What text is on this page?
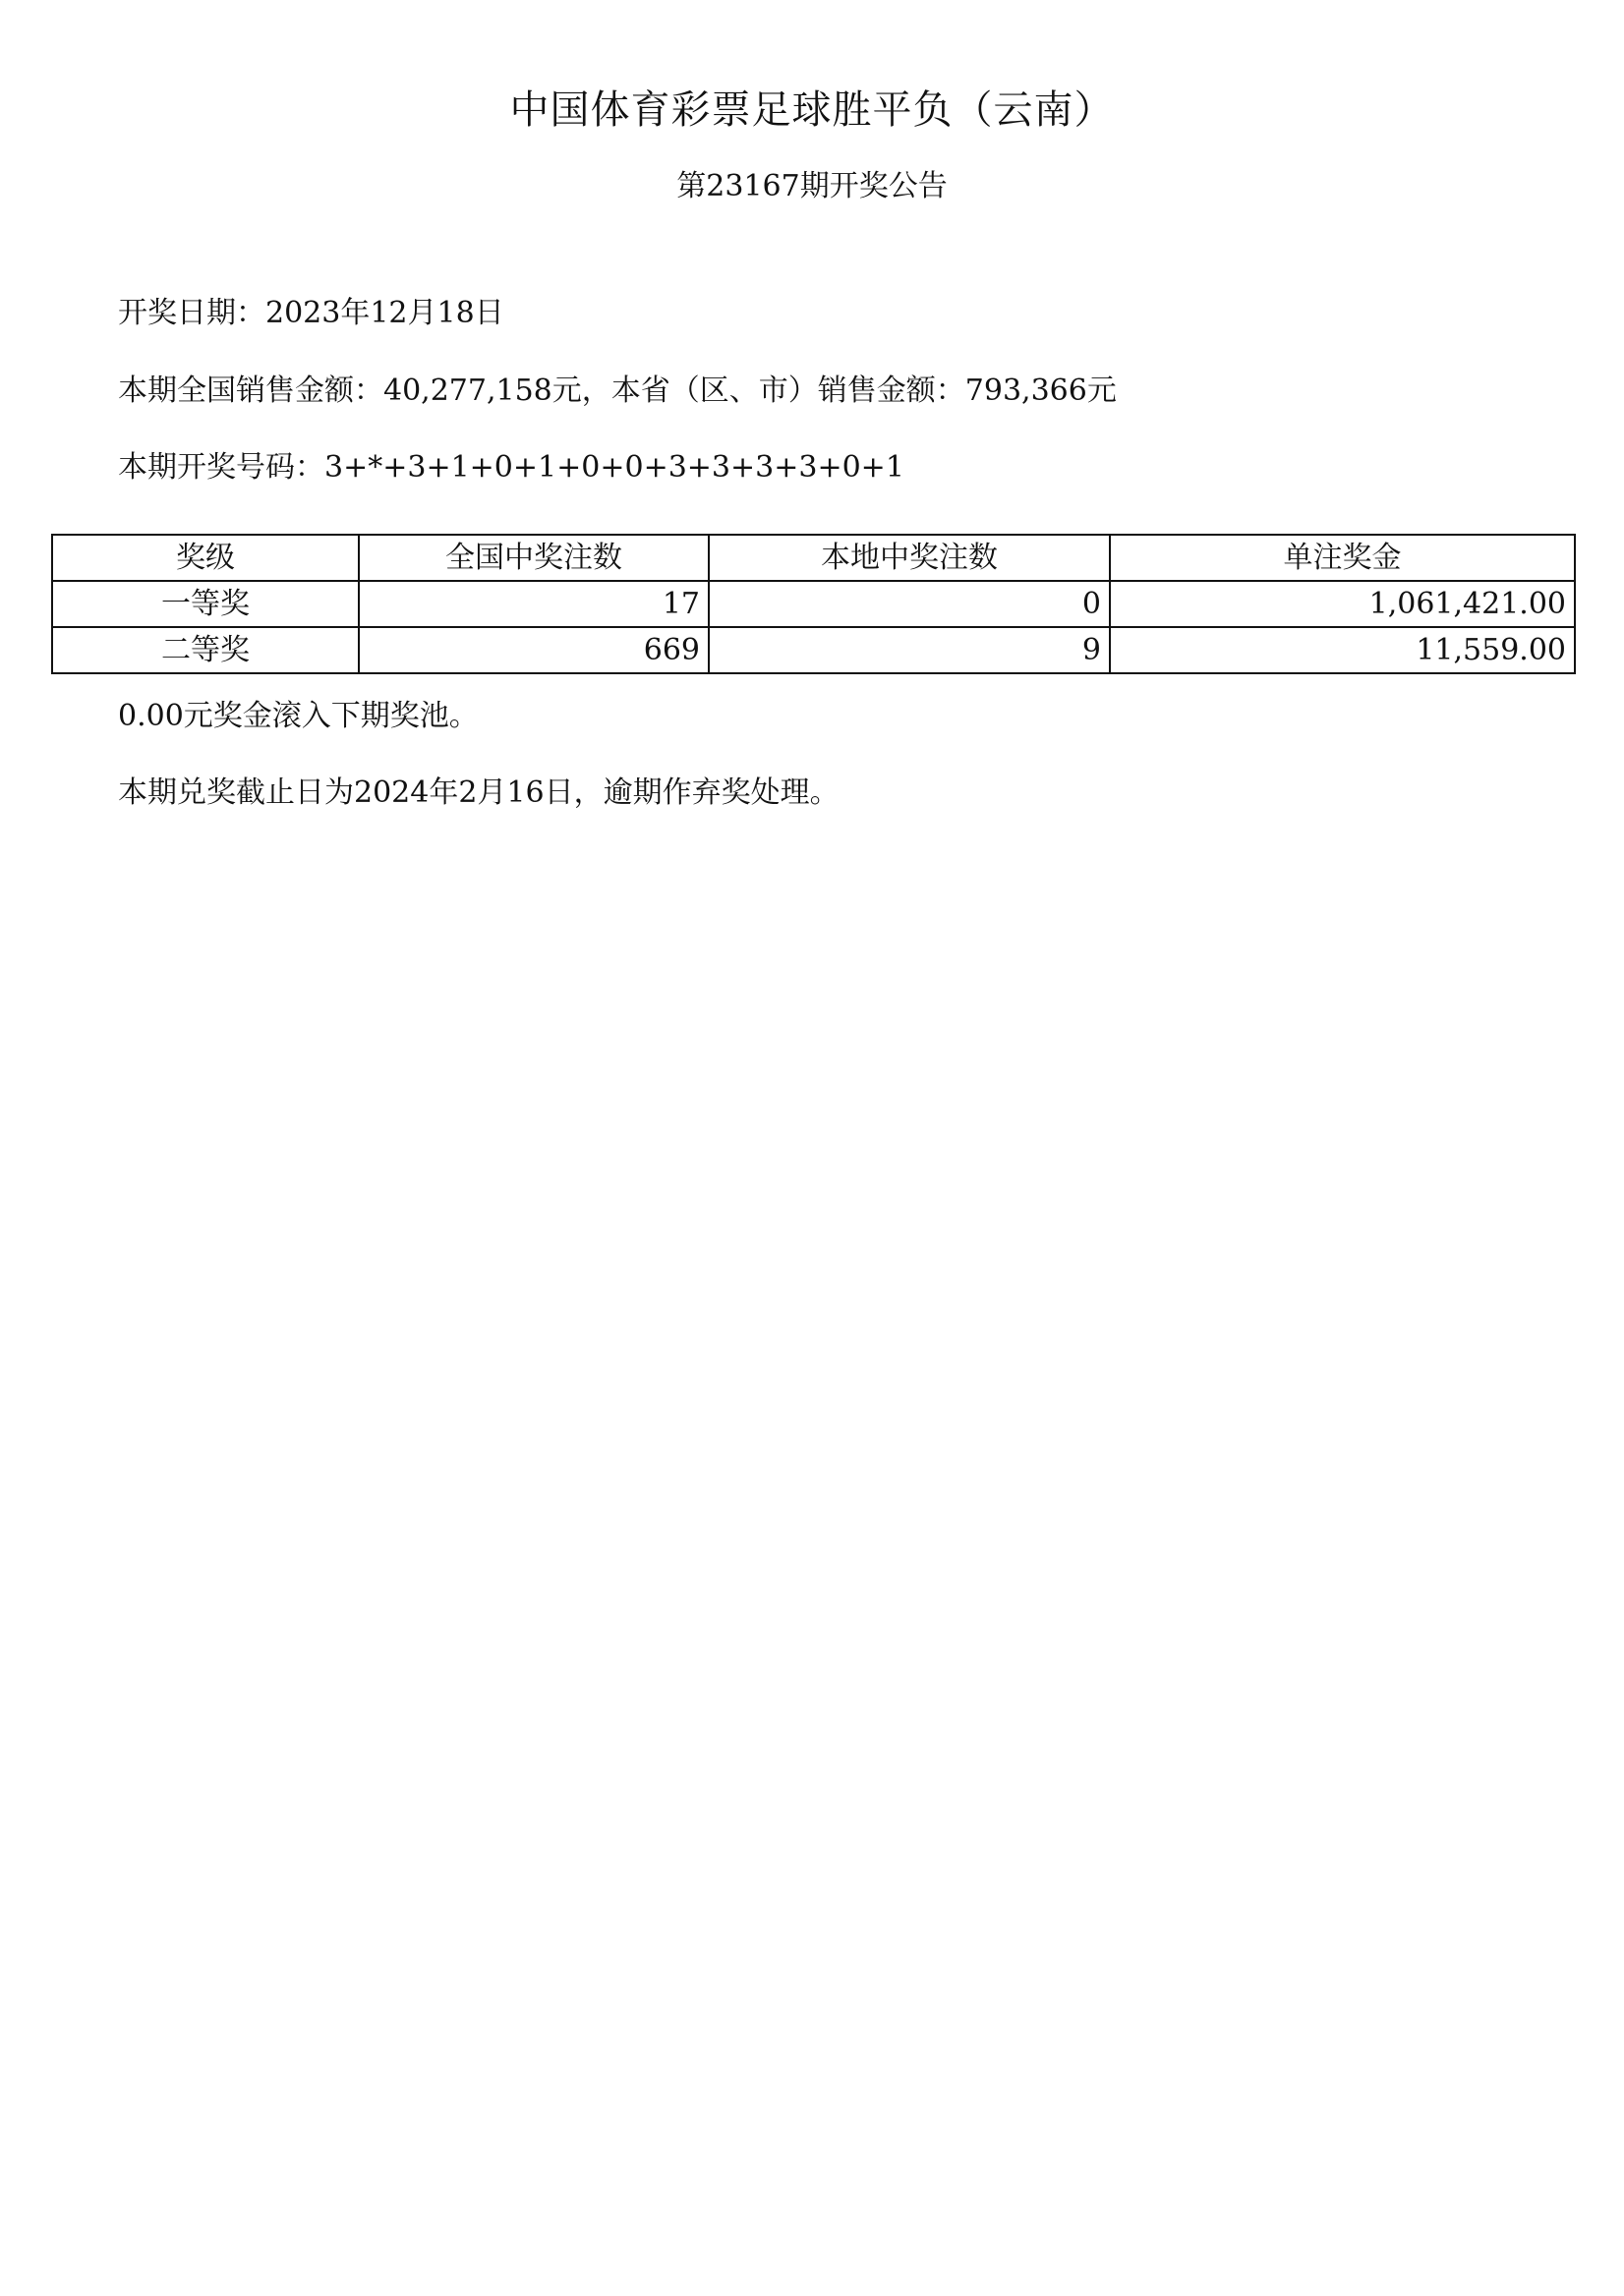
中国体育彩票足球胜平负（云南）
第23167期开奖公告
开奖日期：2023年12月18日
本期全国销售金额：40,277,158元，本省（区、市）销售金额：793,366元
本期开奖号码：3+*+3+1+0+1+0+0+3+3+3+3+0+1
奖级	全国中奖注数	本地中奖注数	单注奖金
一等奖	17	0	1,061,421.00
二等奖	669	9	11,559.00
0.00元奖金滚入下期奖池。
本期兑奖截止日为2024年2月16日，逾期作弃奖处理。
